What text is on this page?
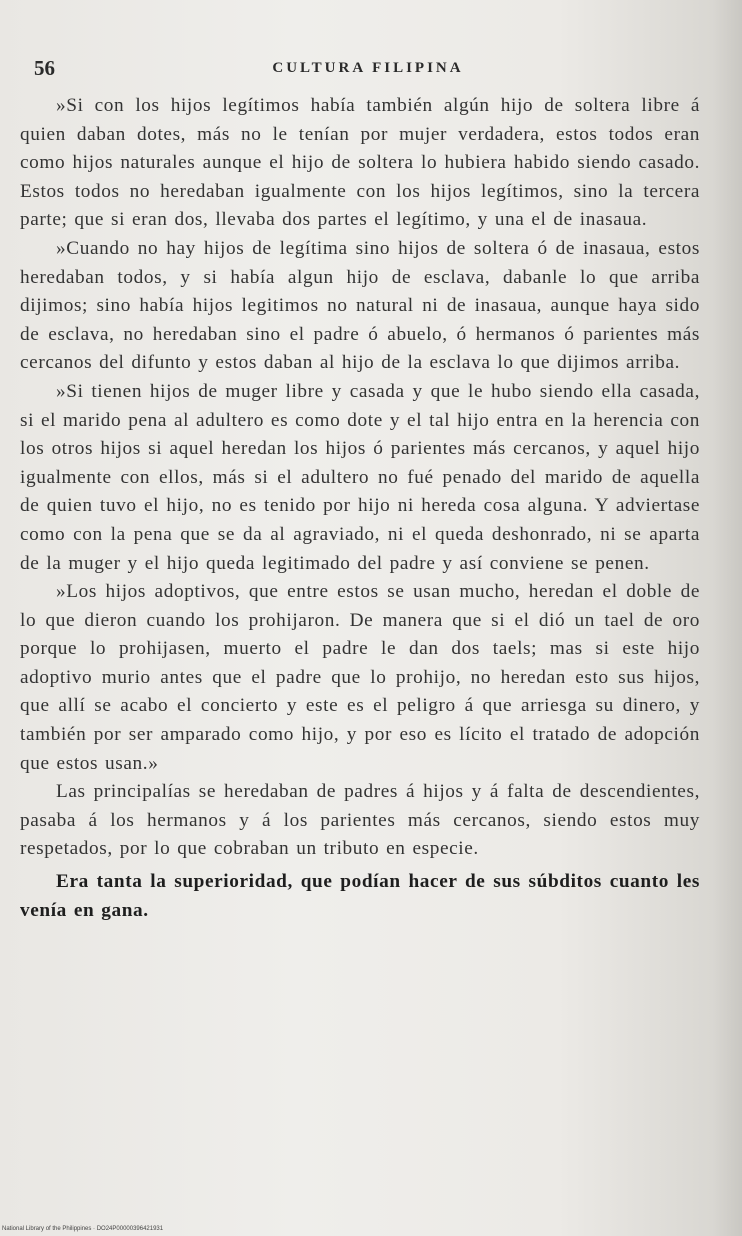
56	CULTURA FILIPINA

»Si con los hijos legítimos había también algún hijo de soltera libre á quien daban dotes, más no le tenían por mujer verdadera, estos todos eran como hijos naturales aunque el hijo de soltera lo hubiera habido siendo casado. Estos todos no heredaban igualmente con los hijos legítimos, sino la tercera parte; que si eran dos, llevaba dos partes el legítimo, y una el de inasaua.

»Cuando no hay hijos de legítima sino hijos de soltera ó de inasaua, estos heredaban todos, y si había algun hijo de esclava, dabanle lo que arriba dijimos; sino había hijos legitimos no natural ni de inasaua, aunque haya sido de esclava, no heredaban sino el padre ó abuelo, ó hermanos ó parientes más cercanos del difunto y estos daban al hijo de la esclava lo que dijimos arriba.

»Si tienen hijos de muger libre y casada y que le hubo siendo ella casada, si el marido pena al adultero es como dote y el tal hijo entra en la herencia con los otros hijos si aquel heredan los hijos ó parientes más cercanos, y aquel hijo igualmente con ellos, más si el adultero no fué penado del marido de aquella de quien tuvo el hijo, no es tenido por hijo ni hereda cosa alguna. Y adviertase como con la pena que se da al agraviado, ni el queda deshonrado, ni se aparta de la muger y el hijo queda legitimado del padre y así conviene se penen.

»Los hijos adoptivos, que entre estos se usan mucho, heredan el doble de lo que dieron cuando los prohijaron. De manera que si el dió un tael de oro porque lo prohijasen, muerto el padre le dan dos taels; mas si este hijo adoptivo murio antes que el padre que lo prohijo, no heredan esto sus hijos, que allí se acabo el concierto y este es el peligro á que arriesga su dinero, y también por ser amparado como hijo, y por eso es lícito el tratado de adopción que estos usan.»

Las principalías se heredaban de padres á hijos y á falta de descendientes, pasaba á los hermanos y á los parientes más cercanos, siendo estos muy respetados, por lo que cobraban un tributo en especie.

Era tanta la superioridad, que podían hacer de sus súbditos cuanto les venía en gana.

National Library of the Philippines · DO24P00000396421931
